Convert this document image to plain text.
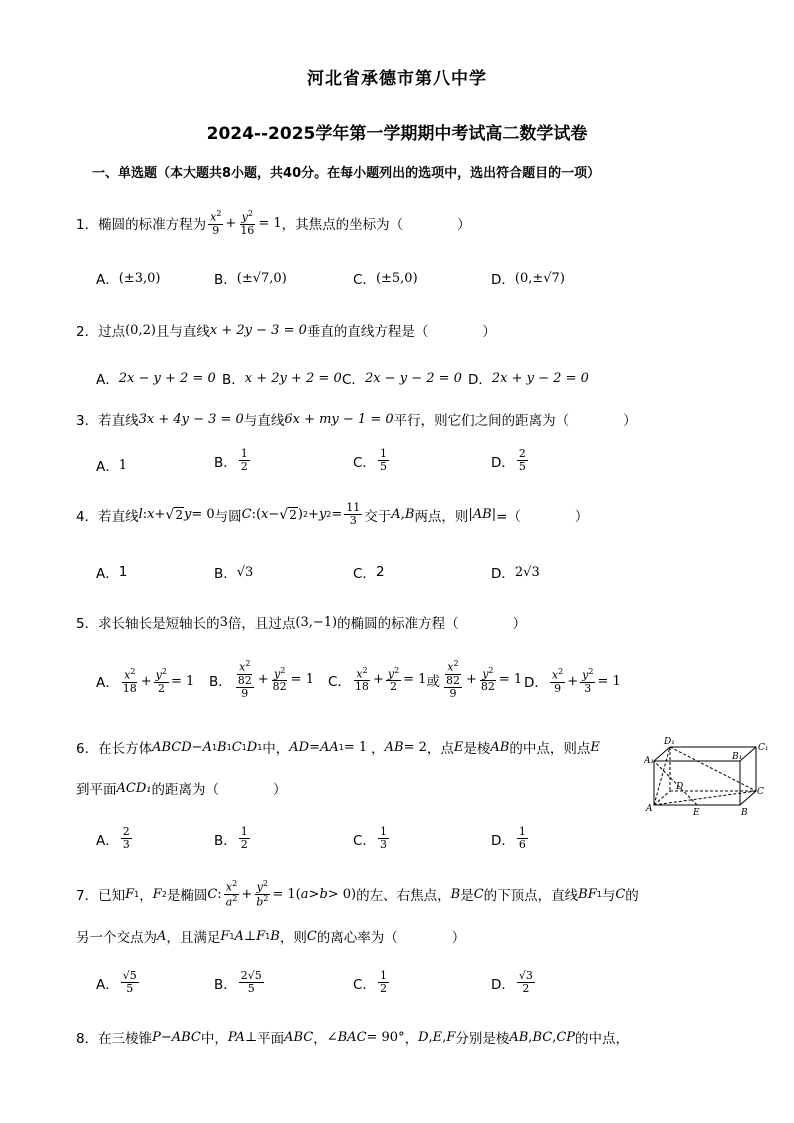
河北省承德市第八中学
2024--2025学年第一学期期中考试高二数学试卷
一、单选题（本大题共8小题，共40分。在每小题列出的选项中，选出符合题目的一项）
1． 椭圆的标准方程为 $\frac{x^2}{9} + \frac{y^2}{16} = 1$ ，其焦点的坐标为（	）
A． (±3,0)	B． (±√7,0)	C． (±5,0)	D． (0,±√7)
2． 过点 (0,2) 且与直线 x + 2y − 3 = 0 垂直的直线方程是（	）
A． 2x − y + 2 = 0 B． x + 2y + 2 = 0 C． 2x − y − 2 = 0 D． 2x + y − 2 = 0
3． 若直线 3x + 4y − 3 = 0 与直线 6x + my − 1 = 0 平行，则它们之间的距离为（	）
A． 1	B． $\frac{1}{2}$	C． $\frac{1}{5}$	D． $\frac{2}{5}$
4． 若直线 l : x + √ 2 y = 0 与圆 C : ( x − √ 2 ) 2 + y $2 = \frac{11}{3}$ 交于 A,B 两点，则 |AB| =（	）
A． 1	B． √3	C． 2	D． 2√3
5． 求长轴长是短轴长的 3 倍，且过点 (3,−1) 的椭圆的标准方程（	）
A． $\frac{x^2}{18} + \frac{y^2}{2} = 1$ B． $\frac{x^2}{\frac{82}{9}} + \frac{y^2}{82} = 1$ C． $\frac{x^2}{18} + \frac{y^2}{2} = 1$ 或 $\frac{x^2}{\frac{82}{9}} + \frac{y^2}{82} = 1$ D． $\frac{x^2}{9} + \frac{y^2}{3} = 1$
6． 在长方体 ABCD − A 1 B 1 C 1 D 1 中， AD = AA 1 = 1 ， AB = 2 ，点 E 是棱 AB 的中点，则点 E
到平面 ACD₁ 的距离为（	）
D₁
C₁
A₁	B₁
D	C
A	E	B
A． $\frac{2}{3}$	B． $\frac{1}{2}$	C． $\frac{1}{3}$	D． $\frac{1}{6}$
7． 已知 F 1 ， F 2 是椭圆 C : $\frac{x^2}{a^2} + \frac{y^2}{b^2} = 1$( a > b > 0) 的左、右焦点， B 是 C 的下顶点，直线 BF 1 与 C 的
另一个交点为 A ，且满足 F 1 A ⊥ F 1 B ，则 C 的离心率为（	）
A． $\frac{√5}{5}$	B． $\frac{2√5}{5}$	C． $\frac{1}{2}$	D． $\frac{√3}{2}$
8． 在三棱锥 P − ABC 中， PA ⊥ 平面 ABC ， ∠ BAC = 90° ， D , E , F 分别是棱 AB , BC , CP 的中点，
